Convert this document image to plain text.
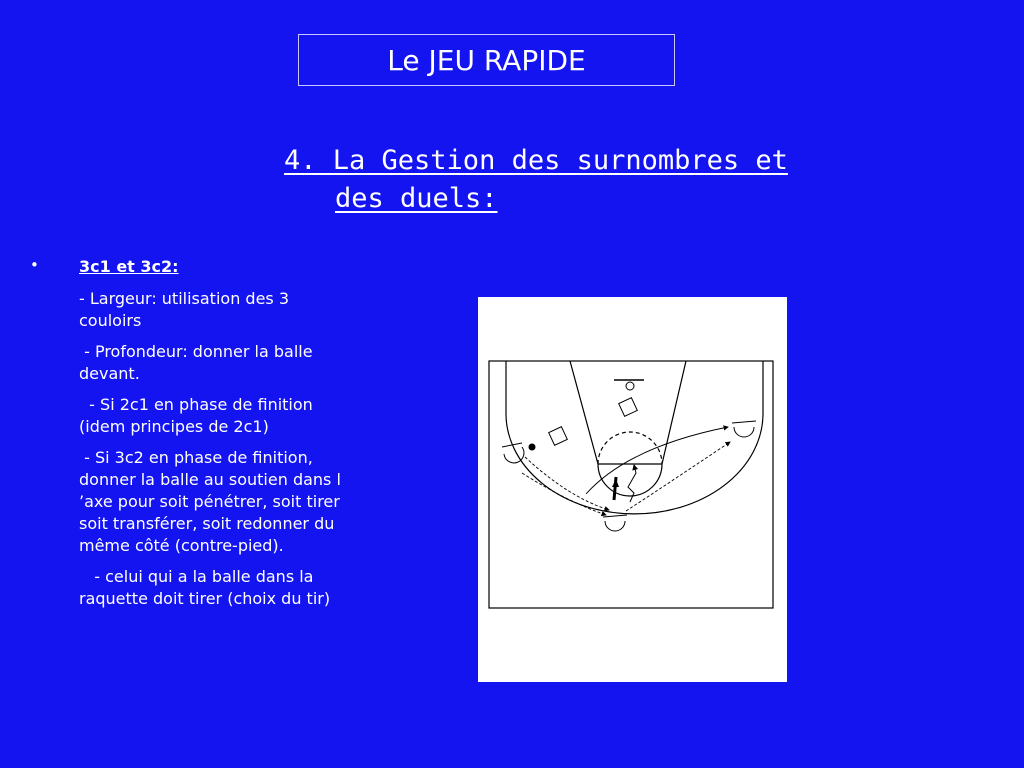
Le JEU RAPIDE
4. La Gestion des surnombres et
des duels:
•	3c1 et 3c2:

- Largeur: utilisation des 3 couloirs

- Profondeur: donner la balle devant.

- Si 2c1 en phase de finition (idem principes de 2c1)

- Si 3c2 en phase de finition, donner la balle au soutien dans l ’axe pour soit pénétrer, soit tirer soit transférer, soit redonner du même côté (contre-pied).

- celui qui a la balle dans la raquette doit tirer (choix du tir)
